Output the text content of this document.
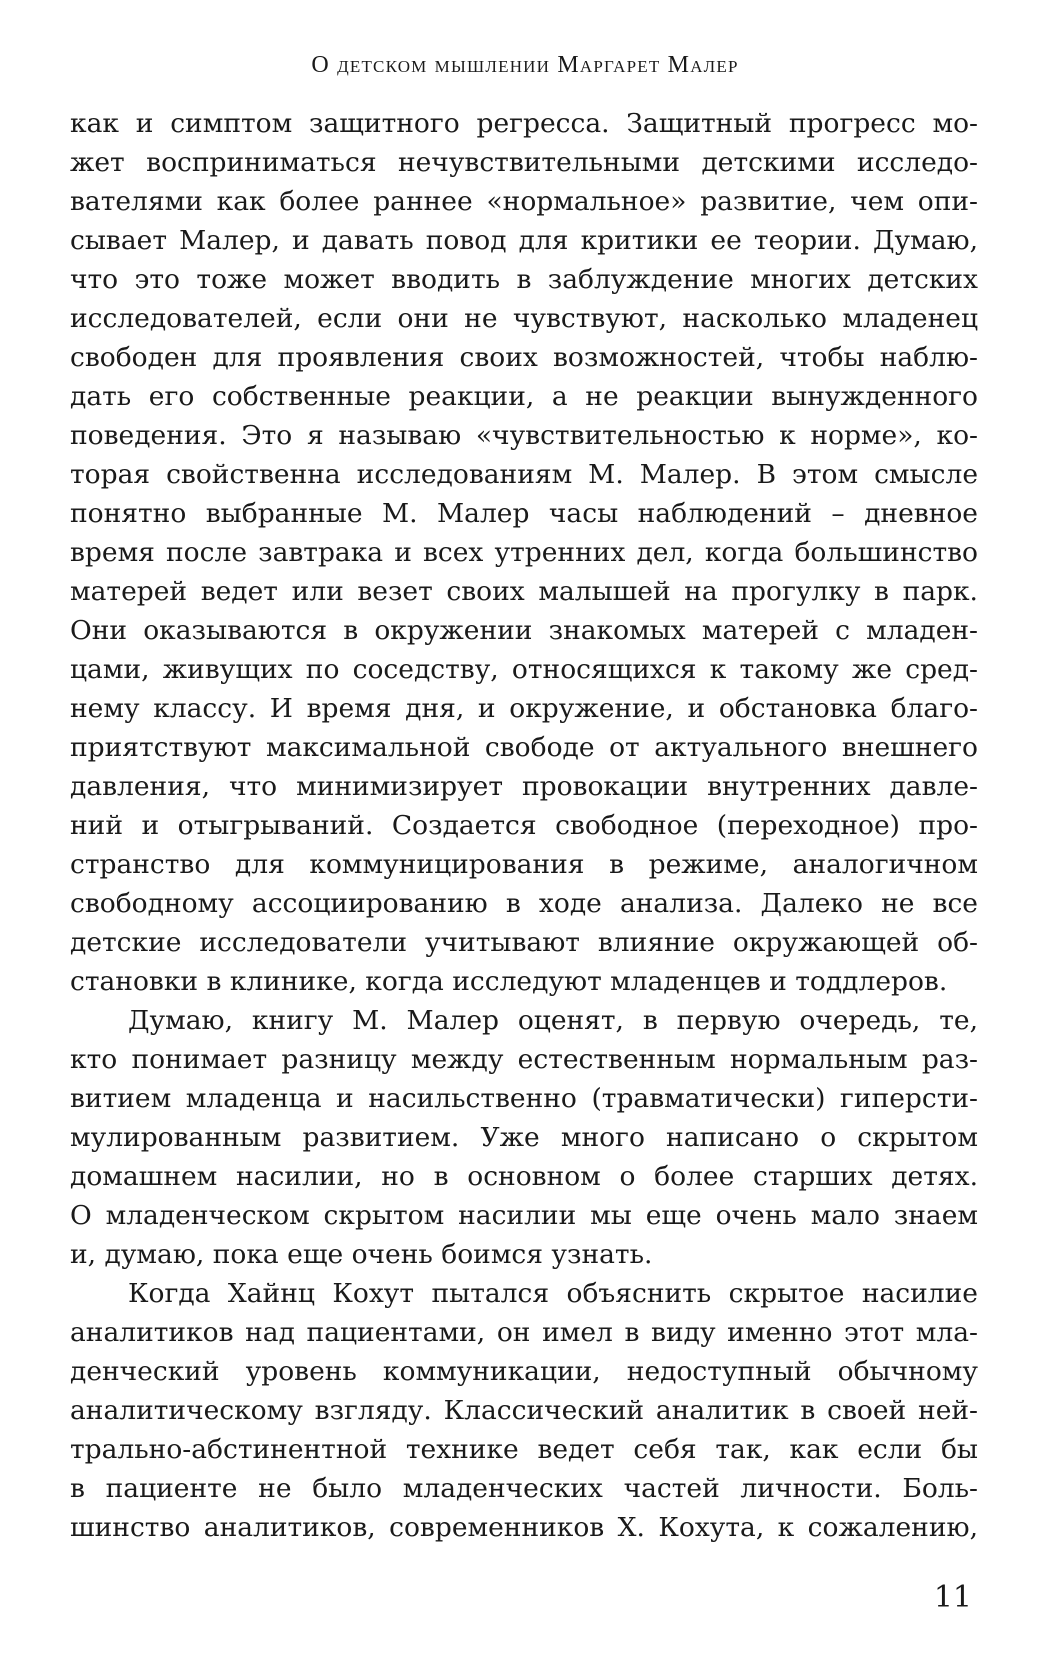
О детском мышлении Маргарет Малер
как и симптом защитного регресса. Защитный прогресс мо-
жет восприниматься нечувствительными детскими исследо-
вателями как более раннее «нормальное» развитие, чем опи-
сывает Малер, и давать повод для критики ее теории. Думаю,
что это тоже может вводить в заблуждение многих детских
исследователей, если они не чувствуют, насколько младенец
свободен для проявления своих возможностей, чтобы наблю-
дать его собственные реакции, а не реакции вынужденного
поведения. Это я называю «чувствительностью к норме», ко-
торая свойственна исследованиям М. Малер. В этом смысле
понятно выбранные М. Малер часы наблюдений – дневное
время после завтрака и всех утренних дел, когда большинство
матерей ведет или везет своих малышей на прогулку в парк.
Они оказываются в окружении знакомых матерей с младен-
цами, живущих по соседству, относящихся к такому же сред-
нему классу. И время дня, и окружение, и обстановка благо-
приятствуют максимальной свободе от актуального внешнего
давления, что минимизирует провокации внутренних давле-
ний и отыгрываний. Создается свободное (переходное) про-
странство для коммуницирования в режиме, аналогичном
свободному ассоциированию в ходе анализа. Далеко не все
детские исследователи учитывают влияние окружающей об-
становки в клинике, когда исследуют младенцев и тоддлеров.
Думаю, книгу М. Малер оценят, в первую очередь, те,
кто понимает разницу между естественным нормальным раз-
витием младенца и насильственно (травматически) гиперсти-
мулированным развитием. Уже много написано о скрытом
домашнем насилии, но в основном о более старших детях.
О младенческом скрытом насилии мы еще очень мало знаем
и, думаю, пока еще очень боимся узнать.
Когда Хайнц Кохут пытался объяснить скрытое насилие
аналитиков над пациентами, он имел в виду именно этот мла-
денческий уровень коммуникации, недоступный обычному
аналитическому взгляду. Классический аналитик в своей ней-
трально-абстинентной технике ведет себя так, как если бы
в пациенте не было младенческих частей личности. Боль-
шинство аналитиков, современников Х. Кохута, к сожалению,
11
